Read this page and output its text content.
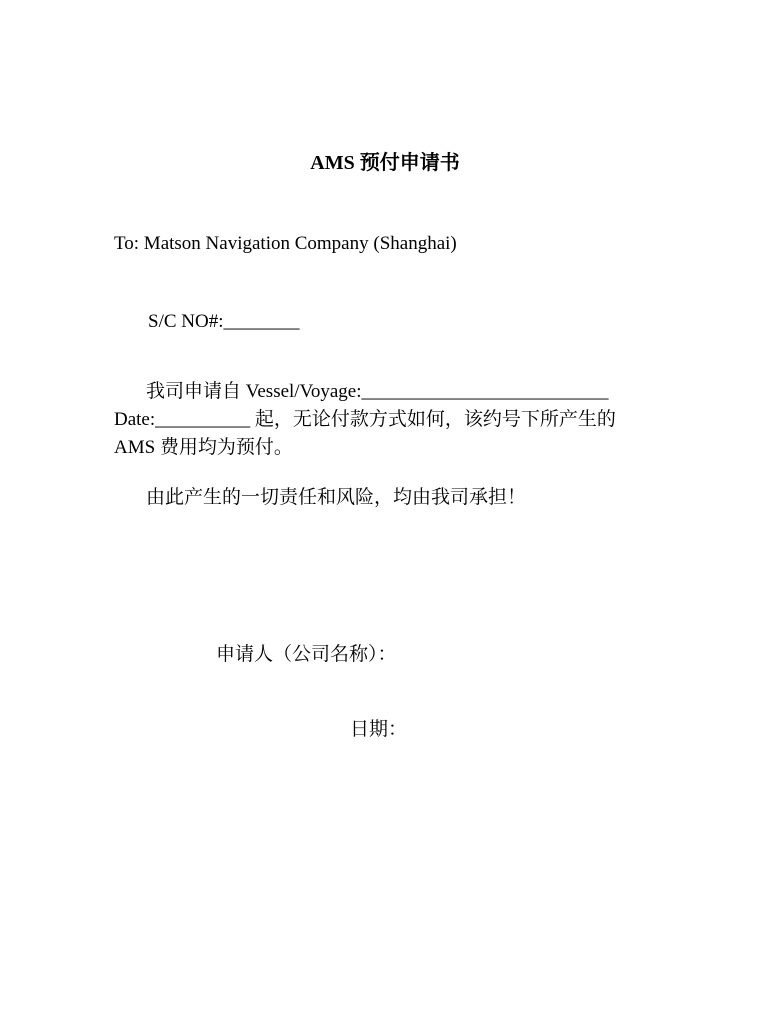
AMS 预付申请书
To: Matson Navigation Company (Shanghai)
S/C NO#:________
我司申请自 Vessel/Voyage:__________________________
Date:__________ 起，无论付款方式如何，该约号下所产生的
AMS 费用均为预付。
由此产生的一切责任和风险，均由我司承担！
申请人（公司名称）：
日期：
